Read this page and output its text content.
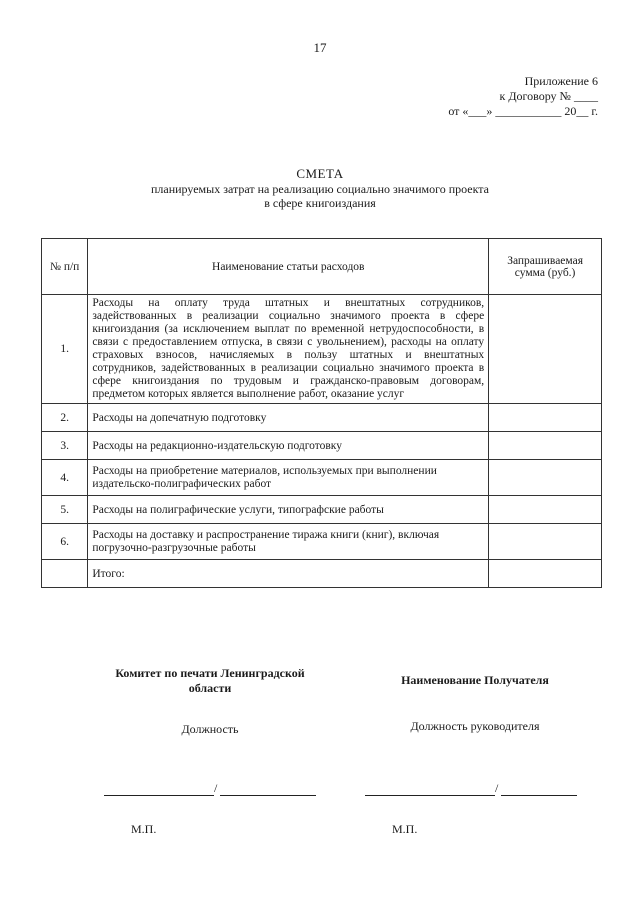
17
Приложение 6
к Договору № ____
от «___» ___________ 20__ г.
СМЕТА
планируемых затрат на реализацию социально значимого проекта
в сфере книгоиздания
№ п/п	Наименование статьи расходов	Запрашиваемая сумма (руб.)
1.	Расходы на оплату труда штатных и внештатных сотрудников, задействованных в реализации социально значимого проекта в сфере книгоиздания (за исключением выплат по временной нетрудоспособности, в связи с предоставлением отпуска, в связи с увольнением), расходы на оплату страховых взносов, начисляемых в пользу штатных и внештатных сотрудников, задействованных в реализации социально значимого проекта в сфере книгоиздания по трудовым и гражданско-правовым договорам, предметом которых является выполнение работ, оказание услуг	
2.	Расходы на допечатную подготовку	
3.	Расходы на редакционно-издательскую подготовку	
4.	Расходы на приобретение материалов, используемых при выполнении издательско-полиграфических работ	
5.	Расходы на полиграфические услуги, типографские работы	
6.	Расходы на доставку и распространение тиража книги (книг), включая погрузочно-разгрузочные работы	
	Итого:	
Комитет по печати Ленинградской области
Наименование Получателя
Должность	Должность руководителя
/	/
М.П.	М.П.
